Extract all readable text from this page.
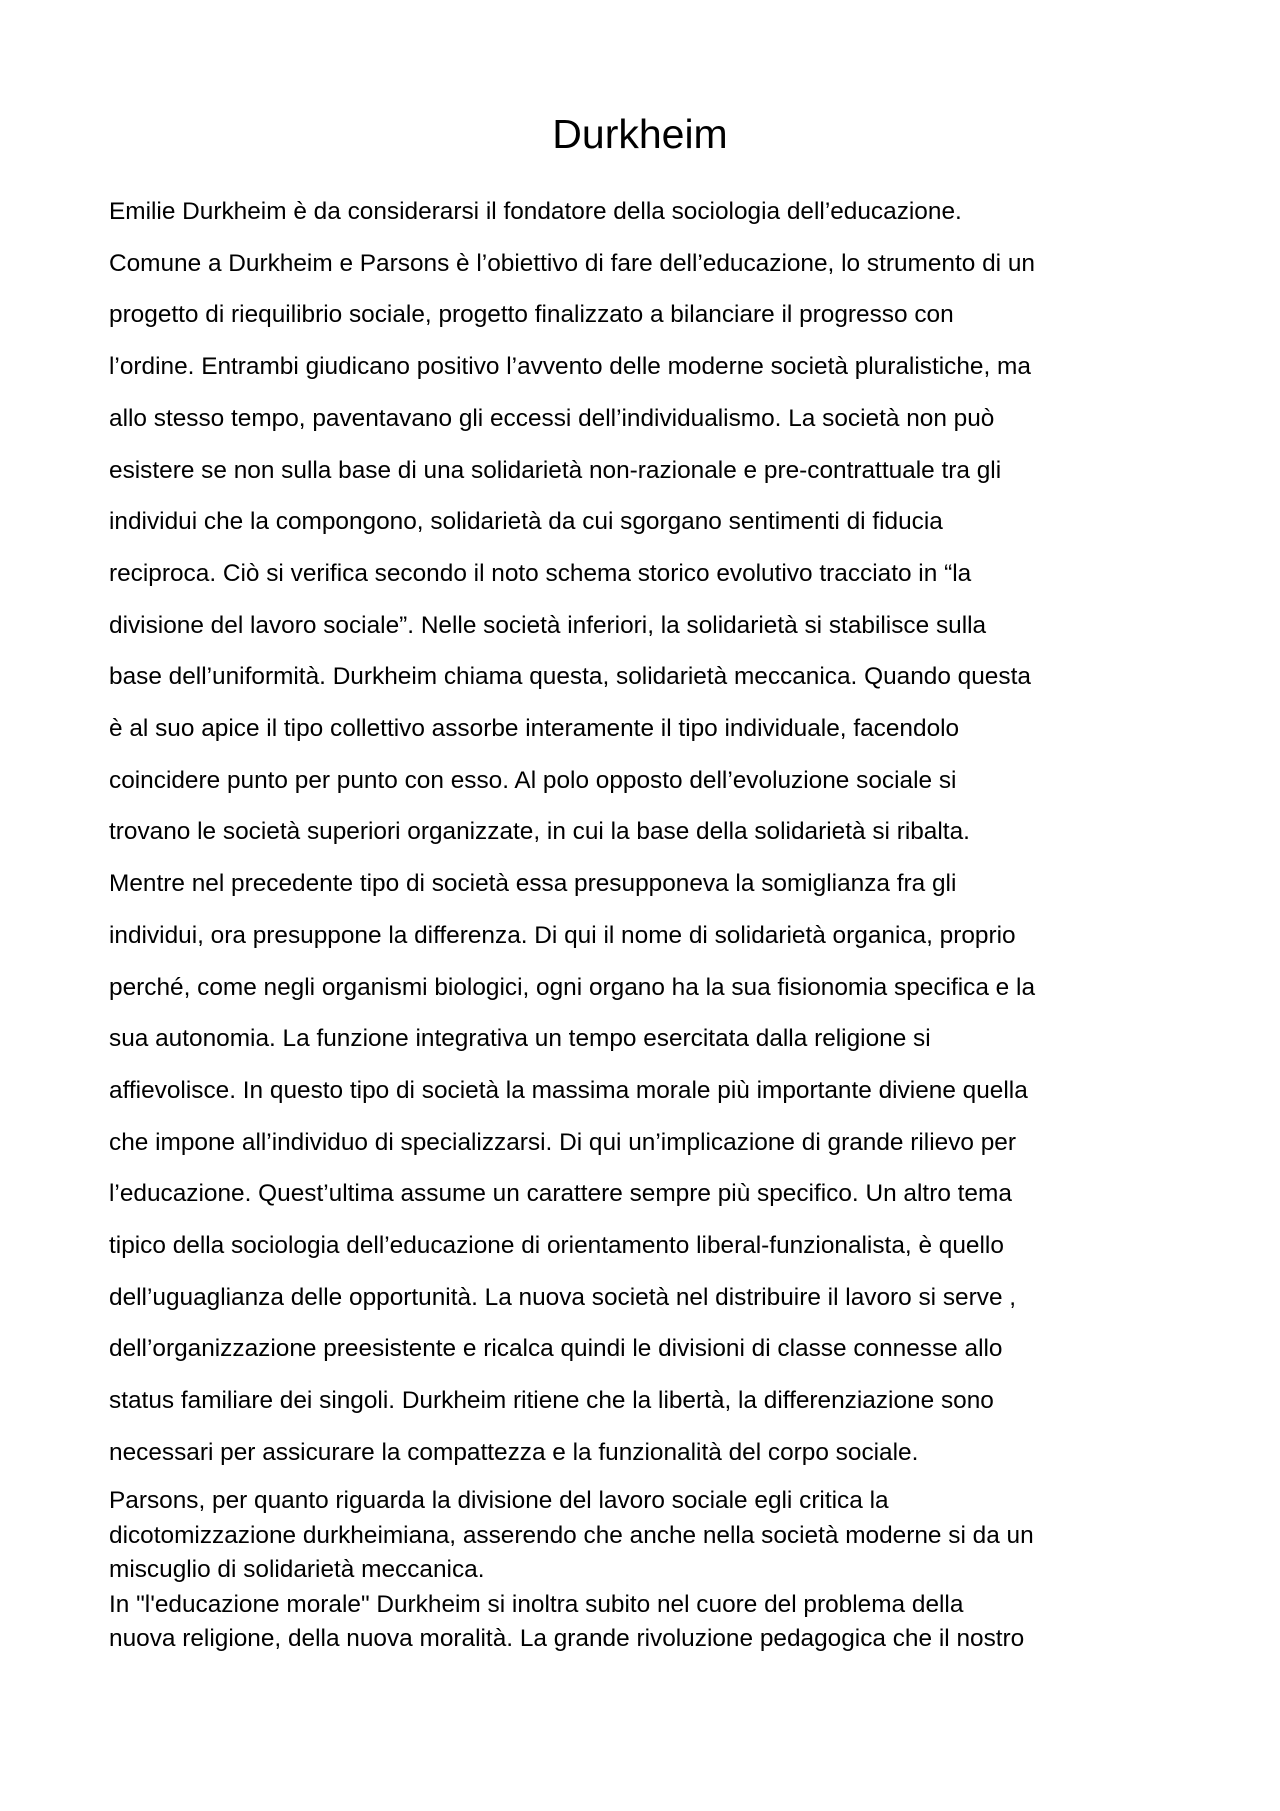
Durkheim
Emilie Durkheim è da considerarsi il fondatore della sociologia dell’educazione.
Comune a Durkheim e Parsons è l’obiettivo di fare dell’educazione, lo strumento di un
progetto di riequilibrio sociale, progetto finalizzato a bilanciare il progresso con
l’ordine. Entrambi giudicano positivo l’avvento delle moderne società pluralistiche, ma
allo stesso tempo, paventavano gli eccessi dell’individualismo. La società non può
esistere se non sulla base di una solidarietà non-razionale e pre-contrattuale tra gli
individui che la compongono, solidarietà da cui sgorgano sentimenti di fiducia
reciproca. Ciò si verifica secondo il noto schema storico evolutivo tracciato in “la
divisione del lavoro sociale”. Nelle società inferiori, la solidarietà si stabilisce sulla
base dell’uniformità. Durkheim chiama questa, solidarietà meccanica. Quando questa
è al suo apice il tipo collettivo assorbe interamente il tipo individuale, facendolo
coincidere punto per punto con esso. Al polo opposto dell’evoluzione sociale si
trovano le società superiori organizzate, in cui la base della solidarietà si ribalta.
Mentre nel precedente tipo di società essa presupponeva la somiglianza fra gli
individui, ora presuppone la differenza. Di qui il nome di solidarietà organica, proprio
perché, come negli organismi biologici, ogni organo ha la sua fisionomia specifica e la
sua autonomia. La funzione integrativa un tempo esercitata dalla religione si
affievolisce. In questo tipo di società la massima morale più importante diviene quella
che impone all’individuo di specializzarsi. Di qui un’implicazione di grande rilievo per
l’educazione. Quest’ultima assume un carattere sempre più specifico. Un altro tema
tipico della sociologia dell’educazione di orientamento liberal-funzionalista, è quello
dell’uguaglianza delle opportunità. La nuova società nel distribuire il lavoro si serve ,
dell’organizzazione preesistente e ricalca quindi le divisioni di classe connesse allo
status familiare dei singoli. Durkheim ritiene che la libertà, la differenziazione sono
necessari per assicurare la compattezza e la funzionalità del corpo sociale.
Parsons, per quanto riguarda la divisione del lavoro sociale egli critica la
dicotomizzazione durkheimiana, asserendo che anche nella società moderne si da un
miscuglio di solidarietà meccanica.
In "l'educazione morale" Durkheim si inoltra subito nel cuore del problema della
nuova religione, della nuova moralità. La grande rivoluzione pedagogica che il nostro
